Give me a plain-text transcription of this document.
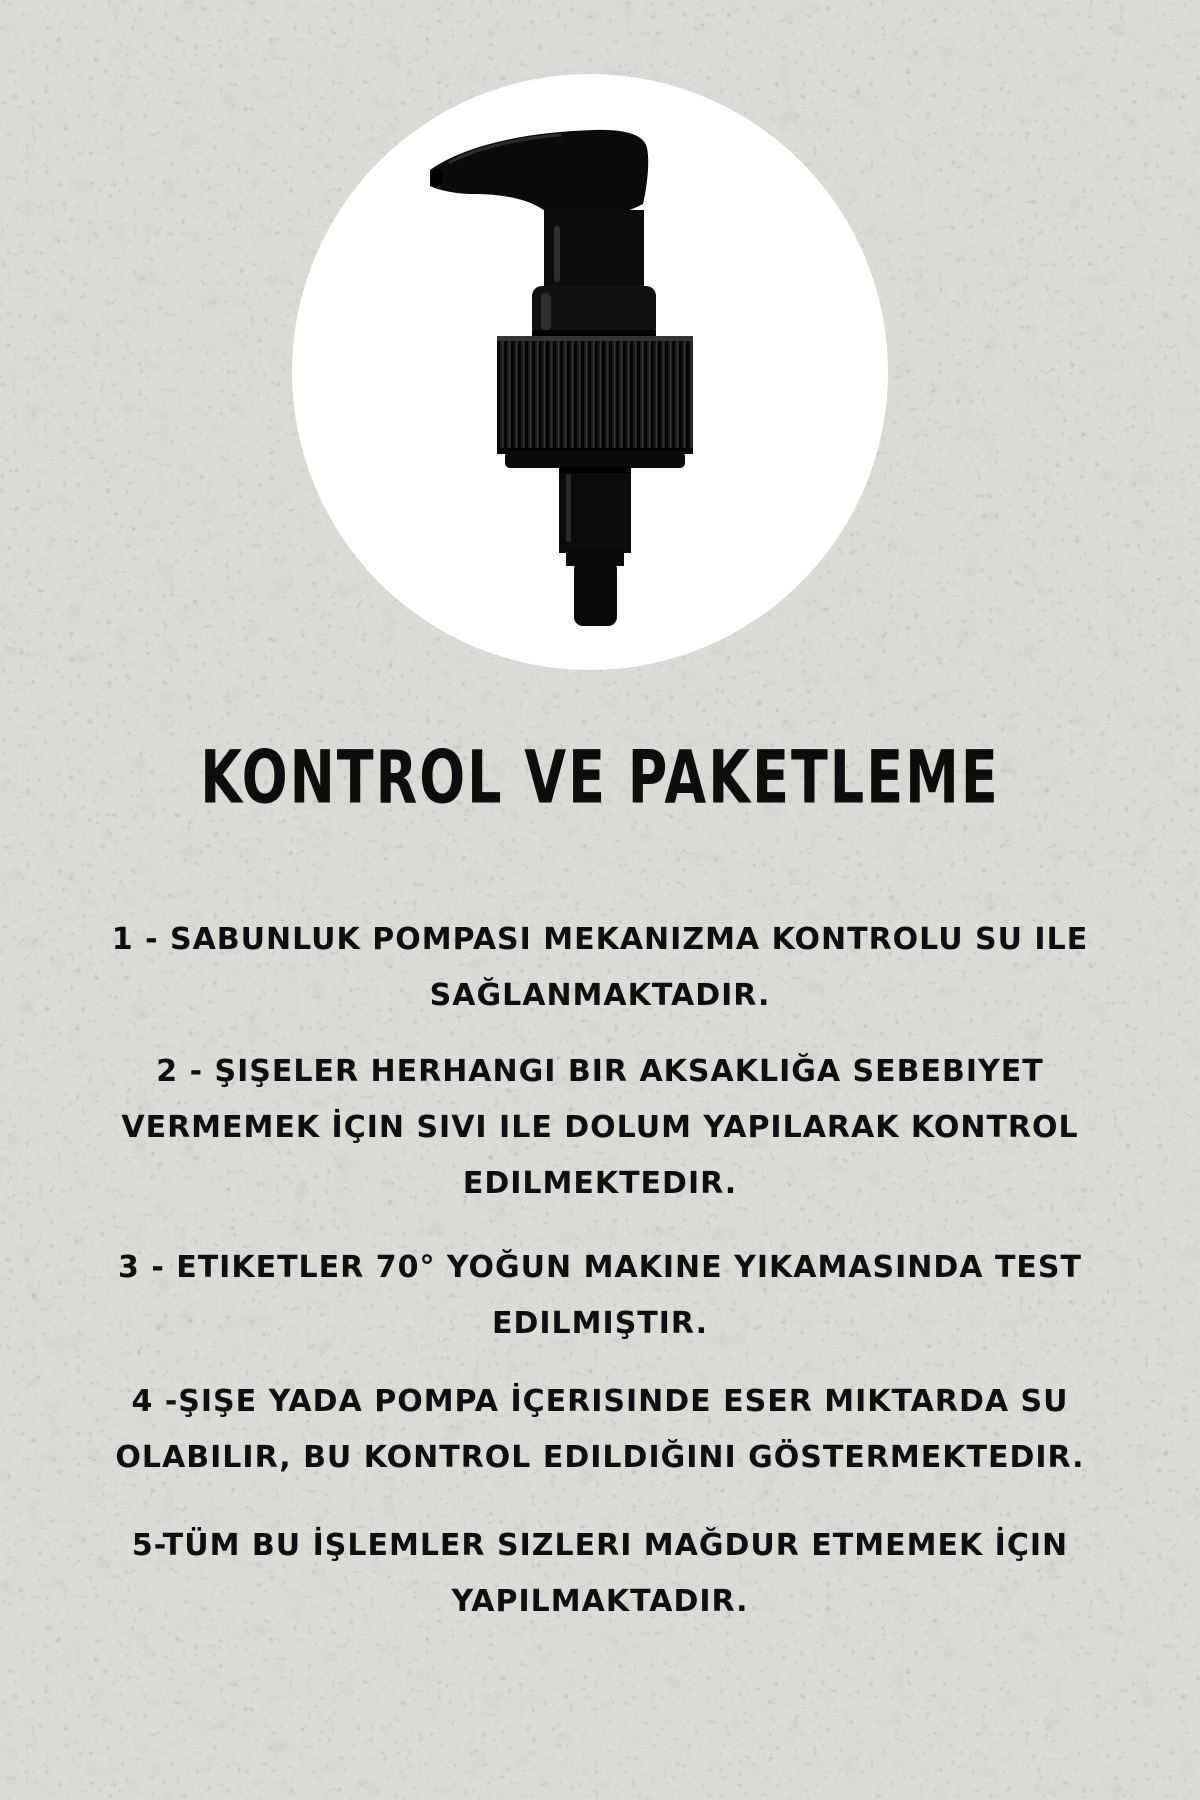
KONTROL VE PAKETLEME

1 - SABUNLUK POMPASI MEKANIZMA KONTROLU SU ILE
SAĞLANMAKTADIR.

2 - ŞIŞELER HERHANGI BIR AKSAKLIĞA SEBEBIYET
VERMEMEK İÇIN SIVI ILE DOLUM YAPILARAK KONTROL
EDILMEKTEDIR.

3 - ETIKETLER 70° YOĞUN MAKINE YIKAMASINDA TEST
EDILMIŞTIR.

4 -ŞIŞE YADA POMPA İÇERISINDE ESER MIKTARDA SU
OLABILIR, BU KONTROL EDILDIĞINI GÖSTERMEKTEDIR.

5-TÜM BU İŞLEMLER SIZLERI MAĞDUR ETMEMEK İÇIN
YAPILMAKTADIR.
